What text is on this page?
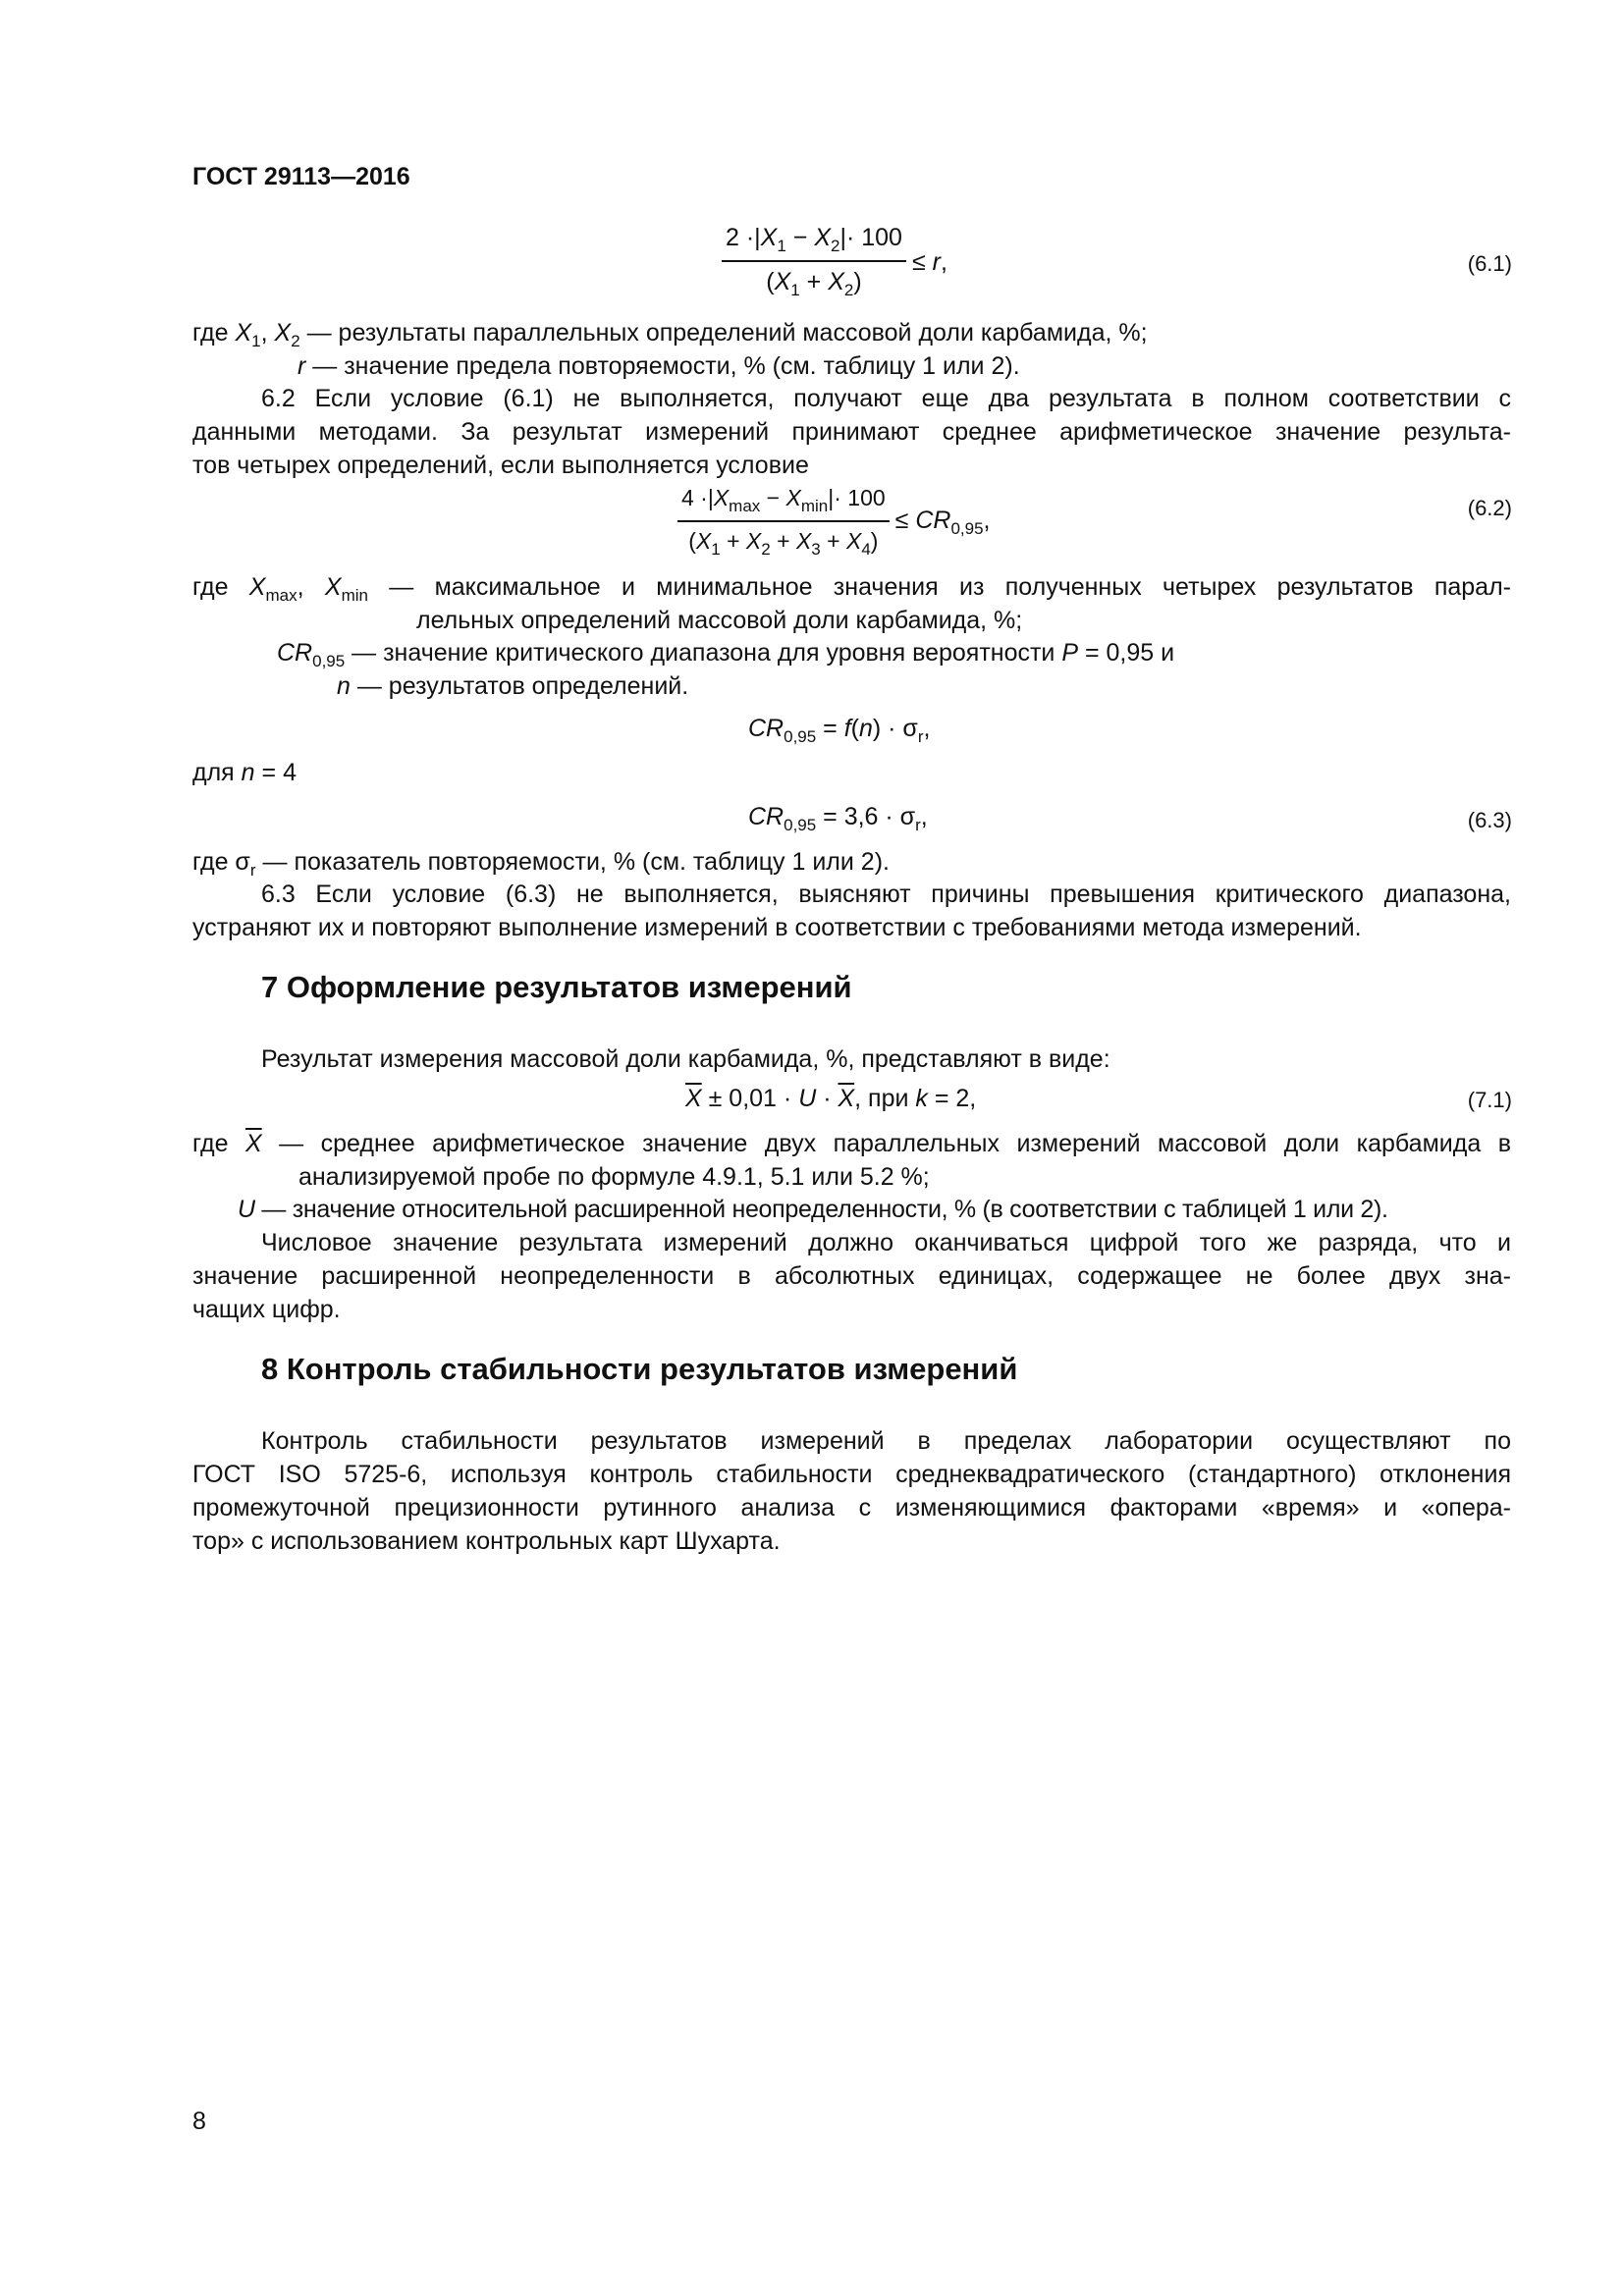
ГОСТ 29113—2016
$\frac{2 \cdot|X_1 - X_2|\cdot 100}{(X_1 + X_2)} \le r$,	(6.1)
где $X_1$, $X_2$ — результаты параллельных определений массовой доли карбамида, %;
r — значение предела повторяемости, % (см. таблицу 1 или 2).
6.2 Если условие (6.1) не выполняется, получают еще два результата в полном соответствии с
данными методами. За результат измерений принимают среднее арифметическое значение результа-
тов четырех определений, если выполняется условие
$\frac{4 \cdot|X_{max} - X_{min}|\cdot 100}{(X_1 + X_2 + X_3 + X_4)} \le CR_{0,95}$,	(6.2)
где $X_{max}$, $X_{min}$ — максимальное и минимальное значения из полученных четырех результатов парал-
лельных определений массовой доли карбамида, %;
$CR_{0,95}$ — значение критического диапазона для уровня вероятности P = 0,95 и
n — результатов определений.
$CR_{0,95} = f(n) \cdot \sigma_r$,
для n = 4
$CR_{0,95} = 3,6 \cdot \sigma_r$,	(6.3)
где $\sigma_r$ — показатель повторяемости, % (см. таблицу 1 или 2).
6.3 Если условие (6.3) не выполняется, выясняют причины превышения критического диапазона,
устраняют их и повторяют выполнение измерений в соответствии с требованиями метода измерений.
7 Оформление результатов измерений
Результат измерения массовой доли карбамида, %, представляют в виде:
$\overline{X} \pm 0,01 \cdot U \cdot \overline{X}$, при k = 2,	(7.1)
где $\overline{X}$ — среднее арифметическое значение двух параллельных измерений массовой доли карбамида в
анализируемой пробе по формуле 4.9.1, 5.1 или 5.2 %;
U — значение относительной расширенной неопределенности, % (в соответствии с таблицей 1 или 2).
Числовое значение результата измерений должно оканчиваться цифрой того же разряда, что и
значение расширенной неопределенности в абсолютных единицах, содержащее не более двух зна-
чащих цифр.
8 Контроль стабильности результатов измерений
Контроль стабильности результатов измерений в пределах лаборатории осуществляют по
ГОСТ ISO 5725-6, используя контроль стабильности среднеквадратического (стандартного) отклонения
промежуточной прецизионности рутинного анализа с изменяющимися факторами «время» и «опера-
тор» с использованием контрольных карт Шухарта.
8
